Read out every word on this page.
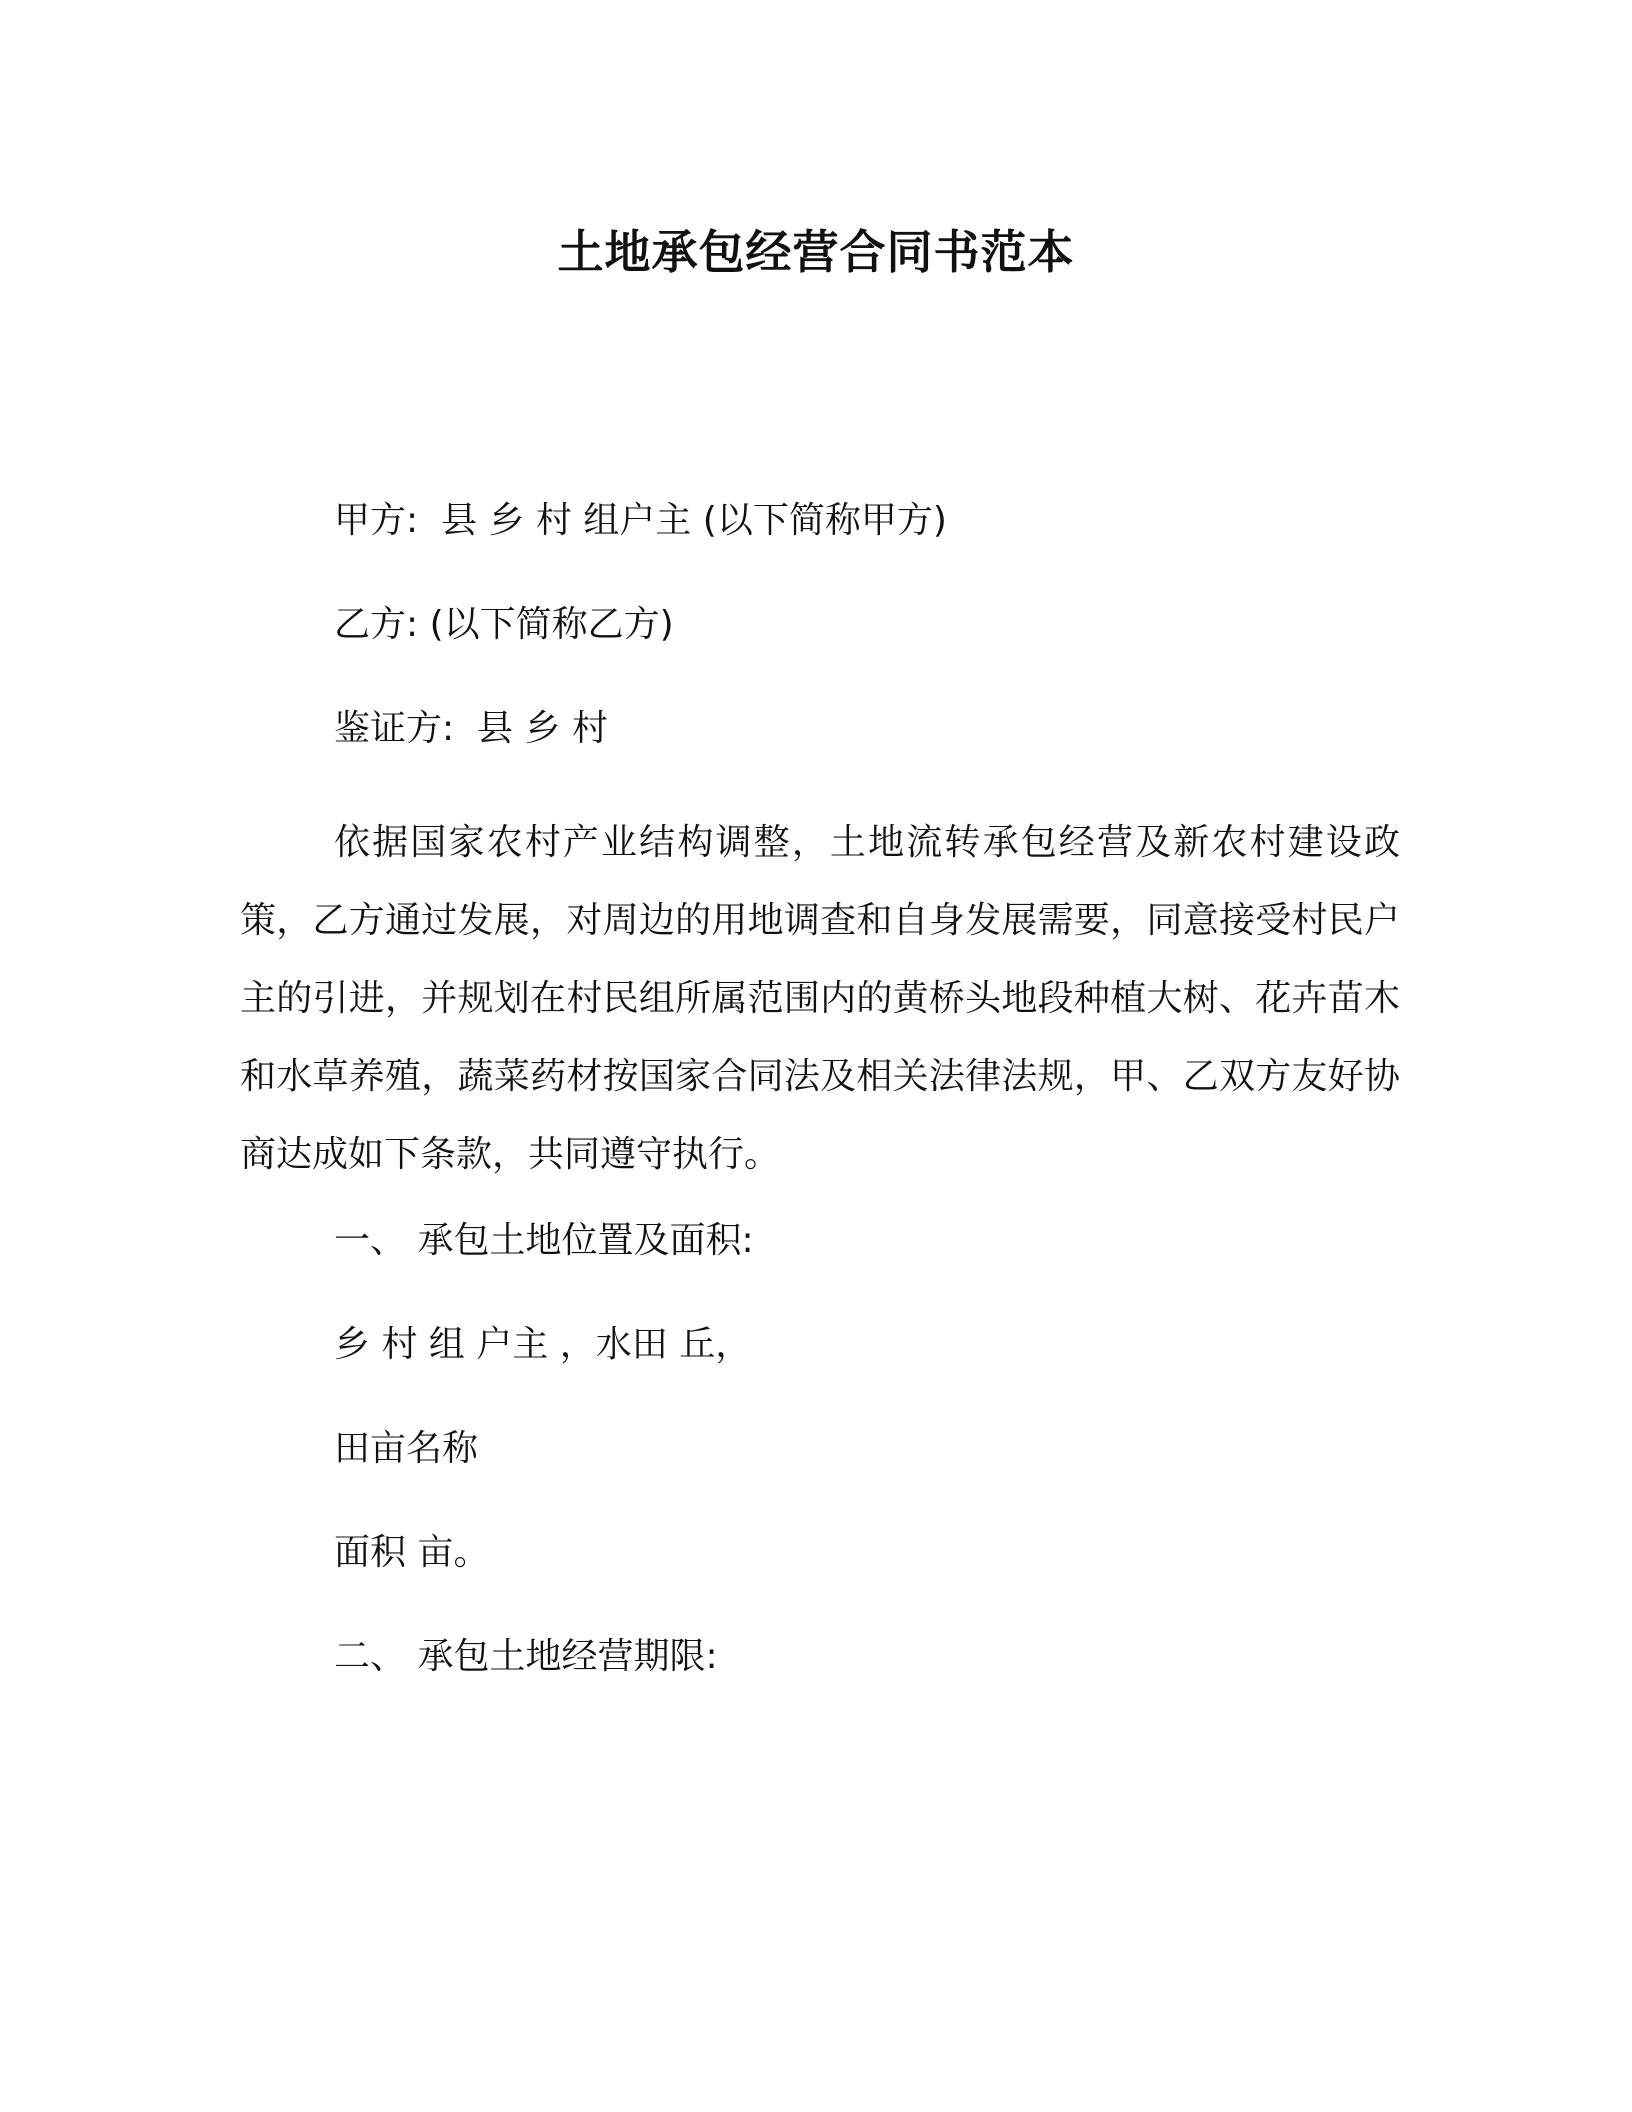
土地承包经营合同书范本
甲方:  县 乡 村 组户主 (以下简称甲方)
乙方: (以下简称乙方)
鉴证方:  县 乡 村
依据国家农村产业结构调整，土地流转承包经营及新农村建设政策，乙方通过发展，对周边的用地调查和自身发展需要，同意接受村民户主的引进，并规划在村民组所属范围内的黄桥头地段种植大树、花卉苗木和水草养殖，蔬菜药材按国家合同法及相关法律法规，甲、乙双方友好协商达成如下条款，共同遵守执行。
一、 承包土地位置及面积:
乡 村 组 户主 ，水田 丘，
田亩名称
面积 亩。
二、 承包土地经营期限:
